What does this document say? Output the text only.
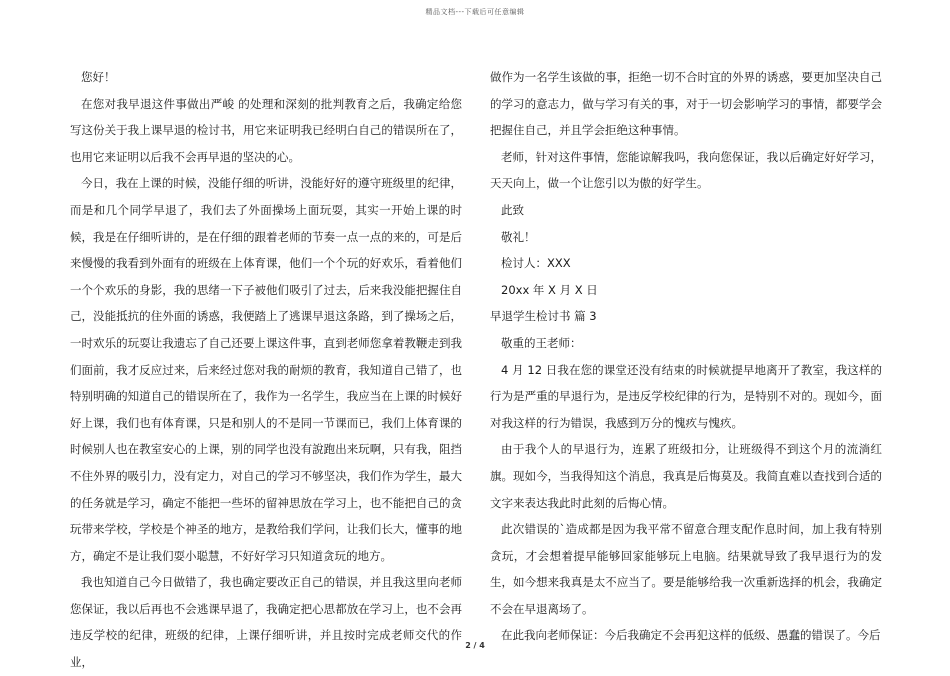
精品文档---下载后可任意编辑

您好！

在您对我早退这件事做出严峻 的处理和深刻的批判教育之后，我确定给您写这份关于我上课早退的检讨书，用它来证明我已经明白自己的错误所在了，也用它来证明以后我不会再早退的坚决的心。

今日，我在上课的时候，没能仔细的听讲，没能好好的遵守班级里的纪律，而是和几个同学早退了，我们去了外面操场上面玩耍，其实一开始上课的时候，我是在仔细听讲的，是在仔细的跟着老师的节奏一点一点的来的，可是后来慢慢的我看到外面有的班级在上体育课，他们一个个玩的好欢乐，看着他们一个个欢乐的身影，我的思绪一下子被他们吸引了过去，后来我没能把握住自己，没能抵抗的住外面的诱惑，我便踏上了逃课早退这条路，到了操场之后，一时欢乐的玩耍让我遗忘了自己还要上课这件事，直到老师您拿着教鞭走到我们面前，我才反应过来，后来经过您对我的耐烦的教育，我知道自己错了，也特别明确的知道自己的错误所在了，我作为一名学生，我应当在上课的时候好好上课，我们也有体育课，只是和别人的不是同一节课而已，我们上体育课的时候别人也在教室安心的上课，别的同学也没有說跑出来玩啊，只有我，阻挡不住外界的吸引力，没有定力，对自己的学习不够坚决，我们作为学生，最大的任务就是学习，确定不能把一些坏的留神思放在学习上，也不能把自己的贪玩带来学校，学校是个神圣的地方，是教给我们学问，让我们长大，懂事的地方，确定不是让我们耍小聪慧，不好好学习只知道贪玩的地方。

我也知道自己今日做错了，我也确定要改正自己的错误，并且我这里向老师您保证，我以后再也不会逃课早退了，我确定把心思都放在学习上，也不会再违反学校的纪律，班级的纪律，上课仔细听讲，并且按时完成老师交代的作业，

做作为一名学生该做的事，拒绝一切不合时宜的外界的诱惑，要更加坚决自己的学习的意志力，做与学习有关的事，对于一切会影响学习的事情，都要学会把握住自己，并且学会拒绝这种事情。

老师，针对这件事情，您能谅解我吗，我向您保证，我以后确定好好学习，天天向上，做一个让您引以为傲的好学生。

此致

敬礼！

检讨人：XXX

20xx 年 X 月 X 日

早退学生检讨书 篇 3

敬重的王老师：

4 月 12 日我在您的课堂还没有结束的时候就提早地离开了教室，我这样的行为是严重的早退行为，是违反学校纪律的行为，是特别不对的。现如今，面对我这样的行为错误，我感到万分的愧疚与愧疚。

由于我个人的早退行为，连累了班级扣分，让班级得不到这个月的流淌红旗。现如今，当我得知这个消息，我真是后悔莫及。我简直难以查找到合适的文字来表达我此时此刻的后悔心情。

此次错误的`造成都是因为我平常不留意合理支配作息时间，加上我有特别贪玩，才会想着提早能够回家能够玩上电脑。结果就导致了我早退行为的发生，如今想来我真是太不应当了。要是能够给我一次重新选择的机会，我确定不会在早退离场了。

在此我向老师保证：今后我确定不会再犯这样的低级、愚蠢的错误了。今后

2 / 4
